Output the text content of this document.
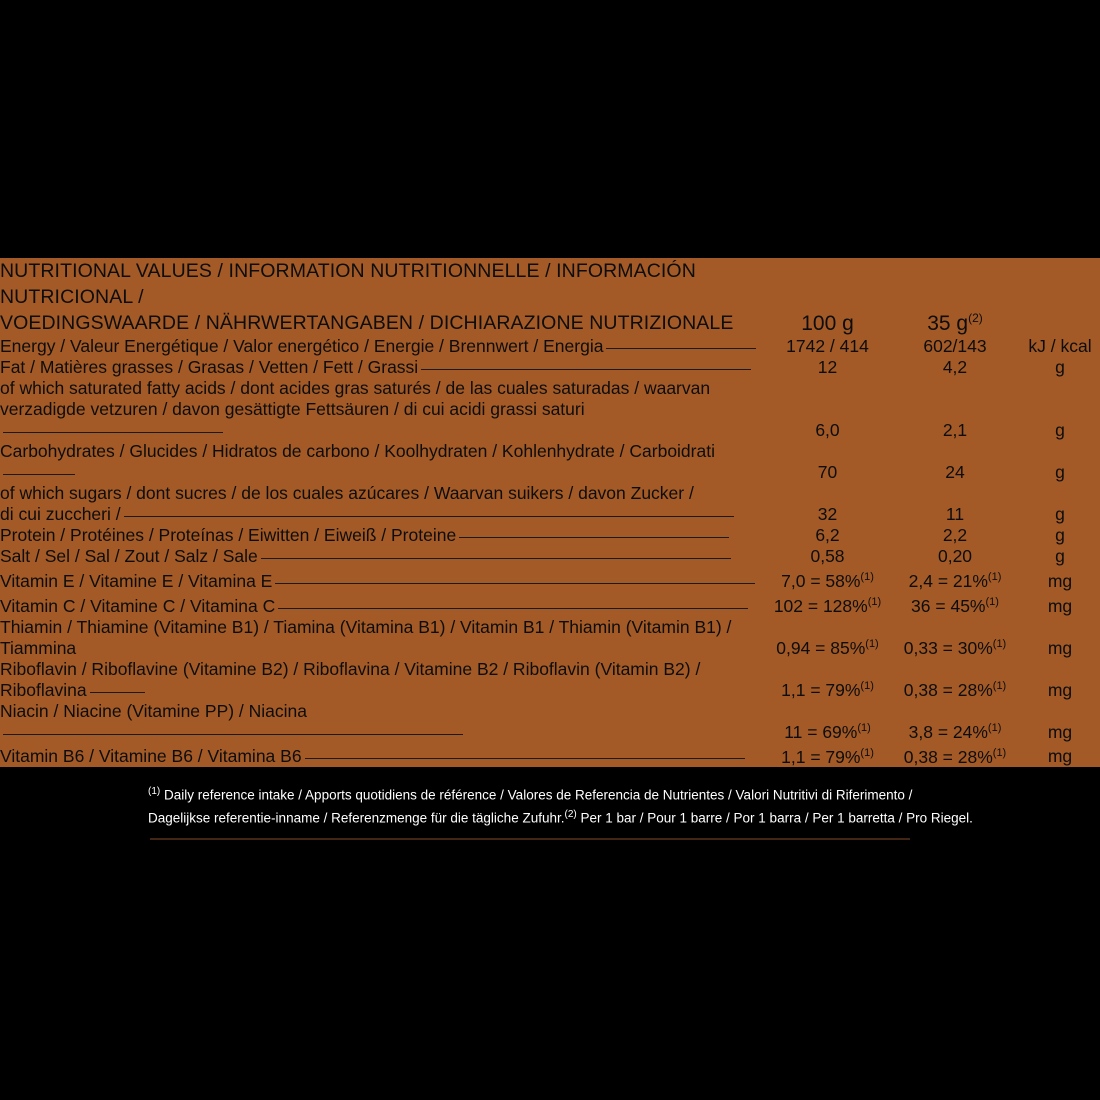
NUTRITIONAL VALUES / INFORMATION NUTRITIONNELLE / INFORMACIÓN NUTRICIONAL /
VOEDINGSWAARDE / NÄHRWERTANGABEN / DICHIARAZIONE NUTRIZIONALE	100 g	35 $g^{(2)}$	
Energy / Valeur Energétique / Valor energético / Energie / Brennwert / Energia	1742 / 414	602/143	kJ / kcal
Fat / Matières grasses / Grasas / Vetten / Fett / Grassi	12	4,2	g
of which saturated fatty acids / dont acides gras saturés / de las cuales saturadas / waarvan			
verzadigde vetzuren / davon gesättigte Fettsäuren / di cui acidi grassi saturi	6,0	2,1	g
Carbohydrates / Glucides / Hidratos de carbono / Koolhydraten / Kohlenhydrate / Carboidrati	70	24	g
of which sugars / dont sucres / de los cuales azúcares / Waarvan suikers / davon Zucker /			
di cui zuccheri /	32	11	g
Protein / Protéines / Proteínas / Eiwitten / Eiweiß / Proteine	6,2	2,2	g
Salt / Sel / Sal / Zout / Salz / Sale	0,58	0,20	g
Vitamin E / Vitamine E / Vitamina E	7,0 = 58%$^{(1)}$	2,4 = 21%$^{(1)}$	mg
Vitamin C / Vitamine C / Vitamina C	102 = 128%$^{(1)}$	36 = 45%$^{(1)}$	mg
Thiamin / Thiamine (Vitamine B1) / Tiamina (Vitamina B1) / Vitamin B1 / Thiamin (Vitamin B1) / Tiammina	0,94 = 85%$^{(1)}$	0,33 = 30%$^{(1)}$	mg
Riboflavin / Riboflavine (Vitamine B2) / Riboflavina / Vitamine B2 / Riboflavin (Vitamin B2) / Riboflavina	1,1 = 79%$^{(1)}$	0,38 = 28%$^{(1)}$	mg
Niacin / Niacine (Vitamine PP) / Niacina	11 = 69%$^{(1)}$	3,8 = 24%$^{(1)}$	mg
Vitamin B6 / Vitamine B6 / Vitamina B6	1,1 = 79%$^{(1)}$	0,38 = 28%$^{(1)}$	mg
$^{(1)}$ Daily reference intake / Apports quotidiens de référence / Valores de Referencia de Nutrientes / Valori Nutritivi di Riferimento /
Dagelijkse referentie-inname / Referenzmenge für die tägliche Zufuhr.$^{(2)}$ Per 1 bar / Pour 1 barre / Por 1 barra / Per 1 barretta / Pro Riegel.
